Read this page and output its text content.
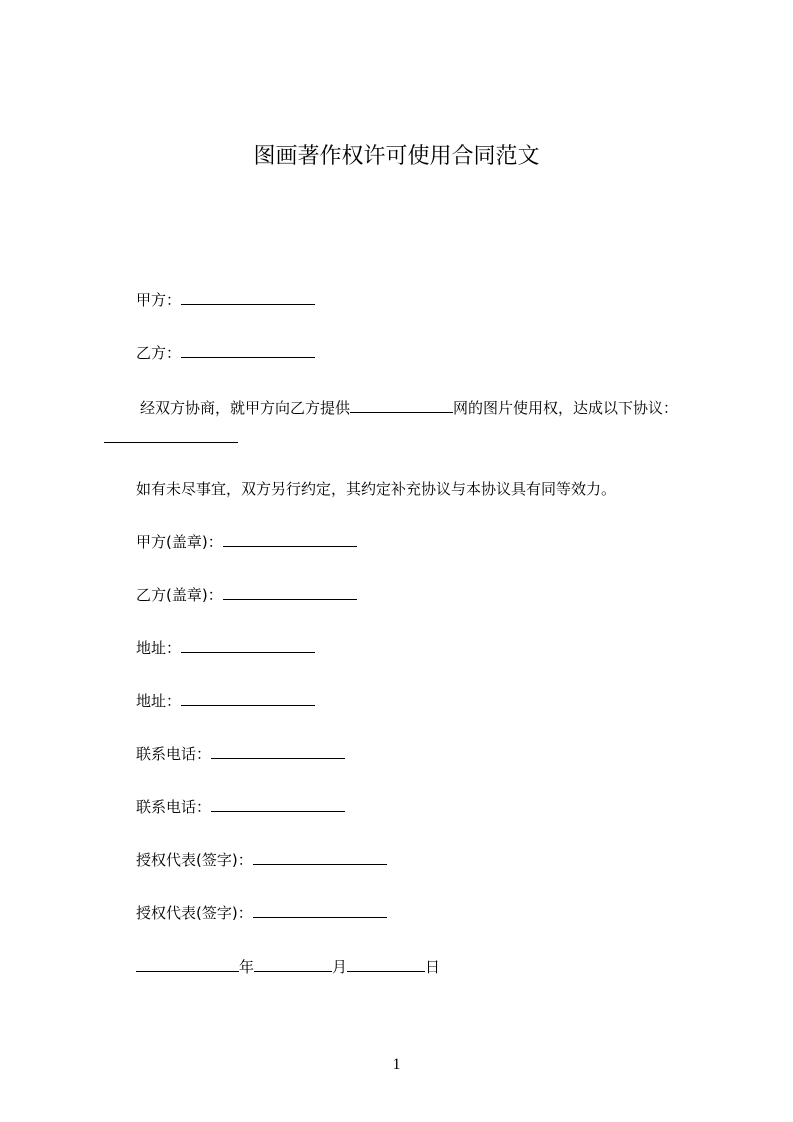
图画著作权许可使用合同范文
甲方：
乙方：
经双方协商，就甲方向乙方提供	网的图片使用权，达成以下协议：
如有未尽事宜，双方另行约定，其约定补充协议与本协议具有同等效力。
甲方(盖章)：
乙方(盖章)：
地址：
地址：
联系电话：
联系电话：
授权代表(签字)：
授权代表(签字)：
年	月	日
1
